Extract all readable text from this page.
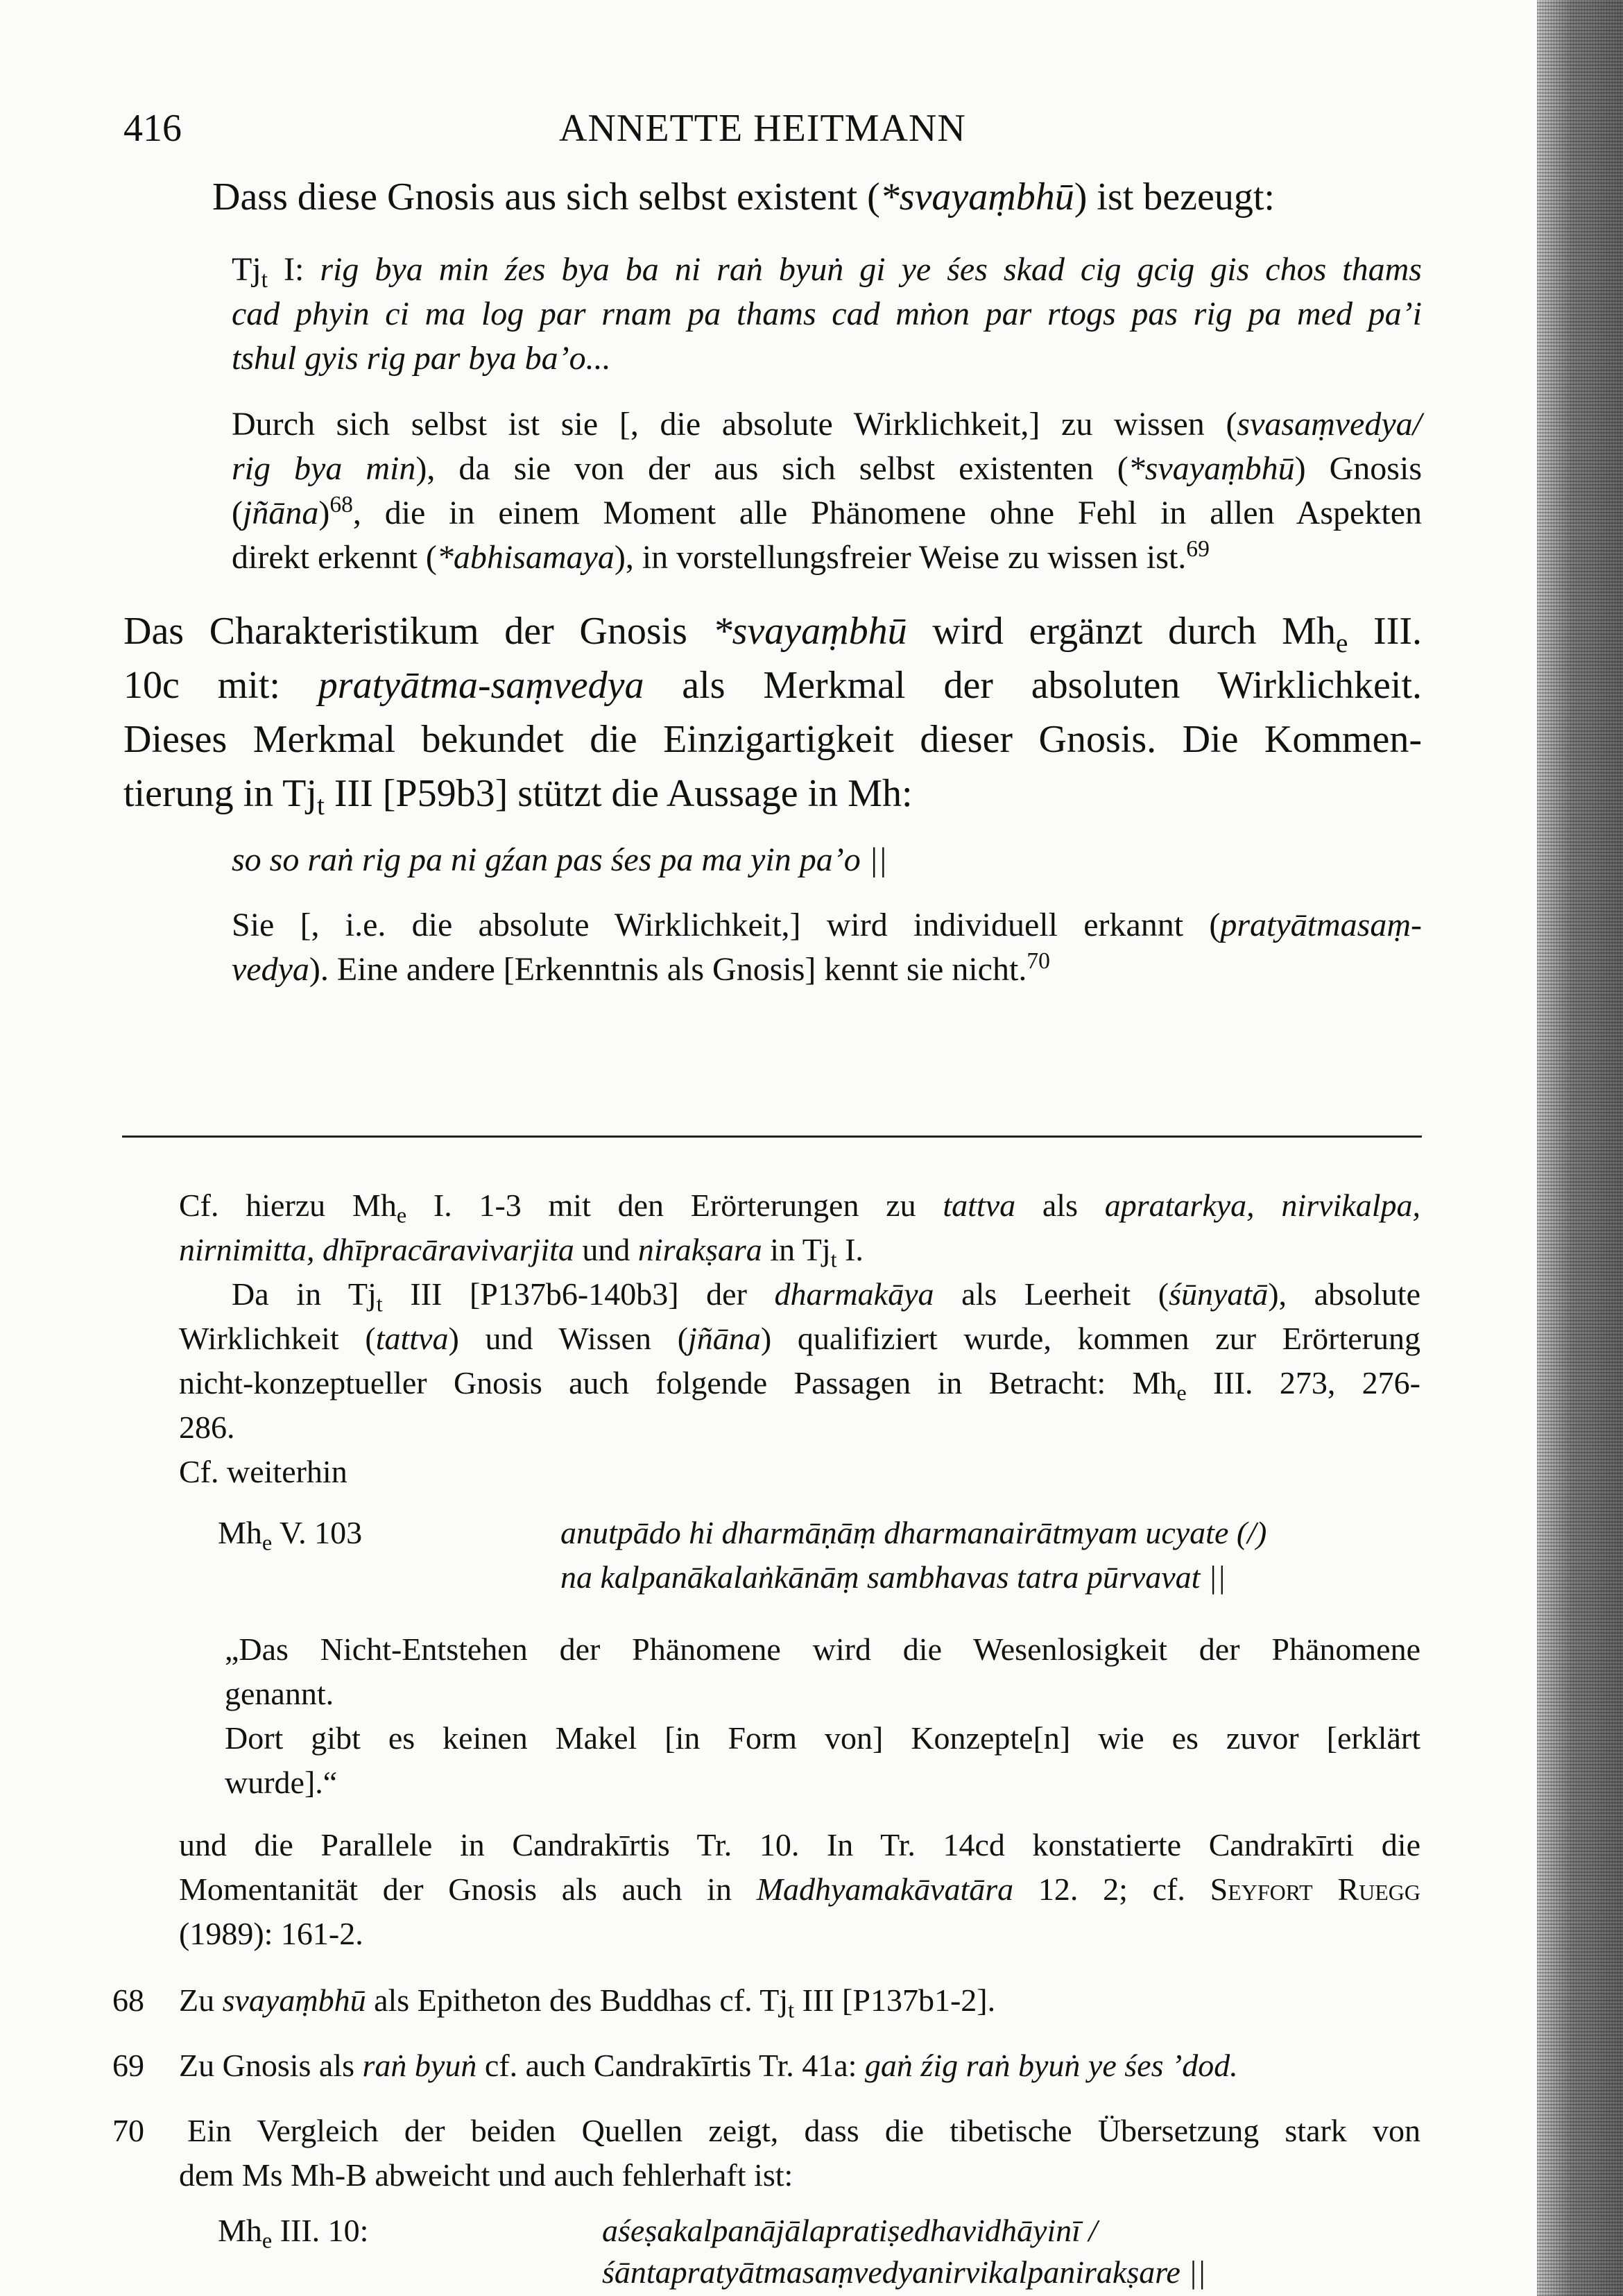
416	ANNETTE HEITMANN

Dass diese Gnosis aus sich selbst existent (*svayaṃbhū) ist bezeugt:

$Tj_t$ I: rig bya min źes bya ba ni raṅ byuṅ gi ye śes skad cig gcig gis chos thams

cad phyin ci ma log par rnam pa thams cad mṅon par rtogs pas rig pa med pa’i

tshul gyis rig par bya ba’o...

Durch sich selbst ist sie [, die absolute Wirklichkeit,] zu wissen (svasaṃvedya/

rig bya min), da sie von der aus sich selbst existenten (*svayaṃbhū) Gnosis

(jñāna)$^{68}$, die in einem Moment alle Phänomene ohne Fehl in allen Aspekten

direkt erkennt (*abhisamaya), in vorstellungsfreier Weise zu wissen ist.$^{69}$

Das Charakteristikum der Gnosis *svayaṃbhū wird ergänzt durch $Mh_e$ III.

10c mit: pratyātma-saṃvedya als Merkmal der absoluten Wirklichkeit.

Dieses Merkmal bekundet die Einzigartigkeit dieser Gnosis. Die Kommen-

tierung in $Tj_t$ III [P59b3] stützt die Aussage in Mh:

so so raṅ rig pa ni gźan pas śes pa ma yin pa’o ||

Sie [, i.e. die absolute Wirklichkeit,] wird individuell erkannt (pratyātmasaṃ-

vedya). Eine andere [Erkenntnis als Gnosis] kennt sie nicht.$^{70}$

Cf. hierzu $Mh_e$ I. 1-3 mit den Erörterungen zu tattva als apratarkya, nirvikalpa,

nirnimitta, dhīpracāravivarjita und nirakṣara in $Tj_t$ I.

Da in $Tj_t$ III [P137b6-140b3] der dharmakāya als Leerheit (śūnyatā), absolute

Wirklichkeit (tattva) und Wissen (jñāna) qualifiziert wurde, kommen zur Erörterung

nicht-konzeptueller Gnosis auch folgende Passagen in Betracht: $Mh_e$ III. 273, 276-

286.

Cf. weiterhin

$Mh_e$ V. 103	anutpādo hi dharmāṇāṃ dharmanairātmyam ucyate (/)

na kalpanākalaṅkānāṃ sambhavas tatra pūrvavat ||

„Das Nicht-Entstehen der Phänomene wird die Wesenlosigkeit der Phänomene

genannt.

Dort gibt es keinen Makel [in Form von] Konzepte[n] wie es zuvor [erklärt

wurde].“

und die Parallele in Candrakīrtis Tr. 10. In Tr. 14cd konstatierte Candrakīrti die

Momentanität der Gnosis als auch in Madhyamakāvatāra 12. 2; cf. Seyfort Ruegg

(1989): 161-2.

68 Zu svayaṃbhū als Epitheton des Buddhas cf. $Tj_t$ III [P137b1-2].

69 Zu Gnosis als raṅ byuṅ cf. auch Candrakīrtis Tr. 41a: gaṅ źig raṅ byuṅ ye śes ’dod.

70 Ein Vergleich der beiden Quellen zeigt, dass die tibetische Übersetzung stark von

dem Ms Mh-B abweicht und auch fehlerhaft ist:

$Mh_e$ III. 10:	aśeṣakalpanājālapratiṣedhavidhāyinī /

śāntapratyātmasaṃvedyanirvikalpanirakṣare ||
